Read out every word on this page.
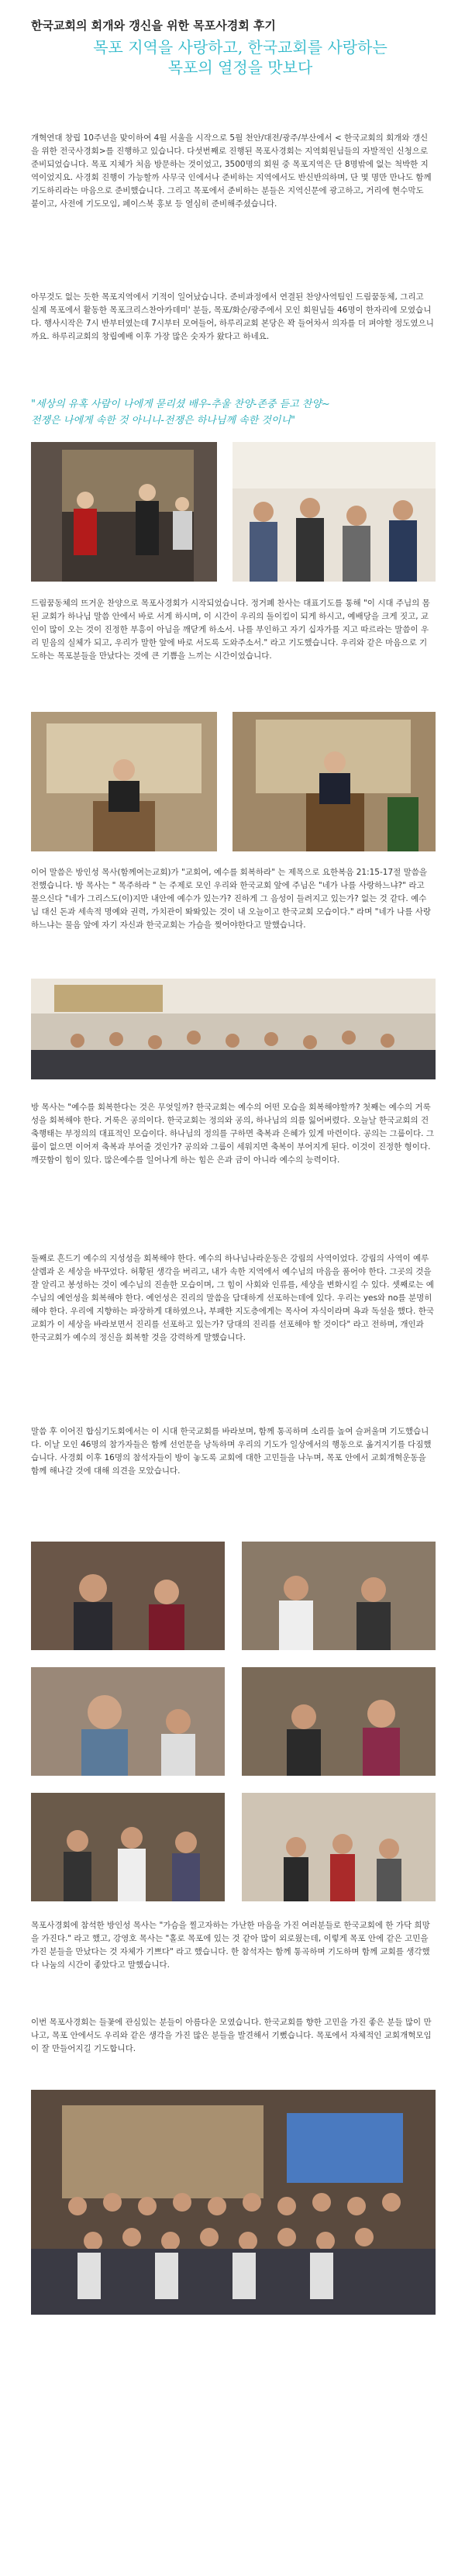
한국교회의 회개와 갱신을 위한 목포사경회 후기
목포 지역을 사랑하고, 한국교회를 사랑하는
목포의 열정을 맛보다

개혁연대 창립 10주년을 맞이하여 4월 서울을 시작으로 5월 천안/대전/광주/부산에서 < 한국교회의 회개와 갱신을 위한 전국사경회>를 진행하고 있습니다. 다섯번째로 진행된 목포사경회는 지역회원님들의 자발적인 신청으로 준비되었습니다. 목포 지체가 처음 방문하는 것이었고, 3500명의 회원 중 목포지역은 단 8명밖에 없는 척박한 지역이었지요. 사경회 진행이 가능할까 사무국 인에서나 준비하는 지역에서도 반신반의하며, 단 몇 명만 만나도 함께 기도하리라는 마음으로 준비했습니다. 그리고 목포에서 준비하는 분들은 지역신문에 광고하고, 거리에 현수막도 붙이고, 사전에 기도모임, 페이스북 홍보 등 열심히 준비해주셨습니다.

아무것도 없는 듯한 목포지역에서 기적이 일어났습니다. 준비과정에서 연결된 찬양사역팀인 드림꿈동체, 그리고 실제 목포에서 활동한 목포크리스찬아카데미' 분들, 목포/화순/광주에서 모인 회원님들 46명이 한자리에 모였습니다. 행사시작은 7시 반부터였는데 7시부터 모여들어, 하루리교회 본당은 꽉 들어차서 의자를 더 펴야할 정도였으니까요. 하루리교회의 창립예배 이후 가장 많은 숫자가 왔다고 하네요.

"세상의 유혹 사람이 나에게 묻리셨 배우-추울 찬양-존중 듣고 찬양~

전쟁은 나에게 속한 것 아니니-전쟁은 하나님께 속한 것이니"

드림꿈동체의 뜨거운 찬양으로 목포사경회가 시작되었습니다. 정거폐 찬사는 대표기도를 통해 "이 시대 주님의 몸 된 교회가 하나님 말씀 안에서 바로 서게 하시며, 이 시간이 우리의 돌이킴이 되게 하시고, 예배당을 크게 짓고, 교인이 많이 오는 것이 진정한 부흥이 아님을 깨닫게 하소서. 나를 부인하고 자기 십자가를 지고 따르라는 말씀이 우리 믿음의 실체가 되고, 우리가 말한 앞에 바로 서도록 도와주소서." 라고 기도했습니다. 우리와 같은 마음으로 기도하는 목포분들을 만났다는 것에 큰 기쁨을 느끼는 시간이었습니다.

이어 말씀은 방인성 목사(함께여는교회)가 "교회여, 예수를 회복하라" 는 제목으로 요한복음 21:15-17절 말씀을 전했습니다. 방 목사는 " 목주하라 " 는 주제로 모인 우리와 한국교회 앞에 주님은 "네가 나를 사랑하느냐?" 라고 물으신다 "네가 그리스도(이)지만 내안에 예수가 있는가? 진하게 그 음성이 들려지고 있는가? 없는 것 같다. 예수님 대신 돈과 세속적 명예와 권력, 가치관이 똬똬있는 것이 내 오늘이고 한국교회 모습이다." 라며 "네가 나를 사랑하느냐는 물음 앞에 자기 자신과 한국교회는 가슴을 찢어야한다고 말했습니다.

방 목사는 "예수를 회복한다는 것은 무엇일까? 한국교회는 예수의 어떤 모습을 회복해야할까? 첫째는 예수의 거룩성을 회복해야 한다. 거룩은 공의이다. 한국교회는 정의와 공의, 하나님의 의를 잃어버렸다. 오늘날 한국교회의 건축행태는 부정의의 대표적인 모습이다. 하나님의 정의를 구하면 축복과 은혜가 있게 마련이다. 공의는 그룹이다. 그룹이 없으면 이어져 축복과 부어줄 것인가? 공의와 그룹이 세워지면 축복이 부어지게 된다. 이것이 진정한 형이다. 깨끗함이 힘이 있다. 많은예수를 일어나게 하는 힘은 은과 금이 아니라 예수의 능력이다.

둘째로 흔드기 예수의 지성성을 회복해야 한다. 예수의 하나님나라운동은 강림의 사역이었다. 강림의 사역이 예루살렘과 온 세상을 바꾸었다. 허황된 생각을 버리고, 내가 속한 지역에서 예수님의 마음을 품어야 한다. 그곳의 것을 잘 알리고 봉성하는 것이 예수님의 진솔한 모습이며, 그 힘이 사회와 인류를, 세상을 변화시킬 수 있다. 셋째로는 예수님의 예언성을 회복해야 한다. 예언성은 진리의 말씀을 담대하게 선포하는데에 있다. 우리는 yes와 no를 분명히 해야 한다. 우리에 지향하는 파장하게 대하였으나, 부패한 지도층에게는 목사여 자식이라며 욕과 독설을 했다. 한국교회가 이 세상을 바라보면서 진리를 선포하고 있는가? 당대의 진리를 선포해야 할 것이다" 라고 전하며, 개인과 한국교회가 예수의 정신을 회복할 것을 강력하게 말했습니다.

말씀 후 이어진 합심기도회에서는 이 시대 한국교회를 바라보며, 함께 통곡하며 소리를 높여 슬퍼울며 기도했습니다. 이날 모인 46명의 참가자들은 함께 선언문을 낭독하며 우리의 기도가 일상에서의 행동으로 옮겨지기를 다짐했습니다. 사경회 이후 16명의 참석자들이 방이 놓도록 교회에 대한 고민들을 나누며, 목포 안에서 교회개혁운동을 함께 해나갈 것에 대해 의견을 모았습니다.

목포사경회에 참석한 방인성 목사는 "가슴을 찔고자하는 가난한 마음을 가진 여러분들로 한국교회에 한 가닥 희망을 가진다." 라고 했고, 강영호 목사는 "홀로 목포에 있는 것 같아 많이 외로웠는데, 이렇게 목포 안에 같은 고민을 가진 분들을 만났다는 것 자체가 기쁘다" 라고 했습니다. 한 참석자는 함께 통곡하며 기도하며 함께 교회를 생각했다 나눔의 시간이 좋았다고 말했습니다.

이번 목포사경회는 들꽃에 관심있는 분들이 아름다운 모였습니다. 한국교회를 향한 고민을 가진 좋은 분들 많이 만나고, 목포 안에서도 우리와 같은 생각을 가진 많은 분들을 발견해서 기뻤습니다. 목포에서 자체적인 교회개혁모임이 잘 만들어지길 기도합니다.
